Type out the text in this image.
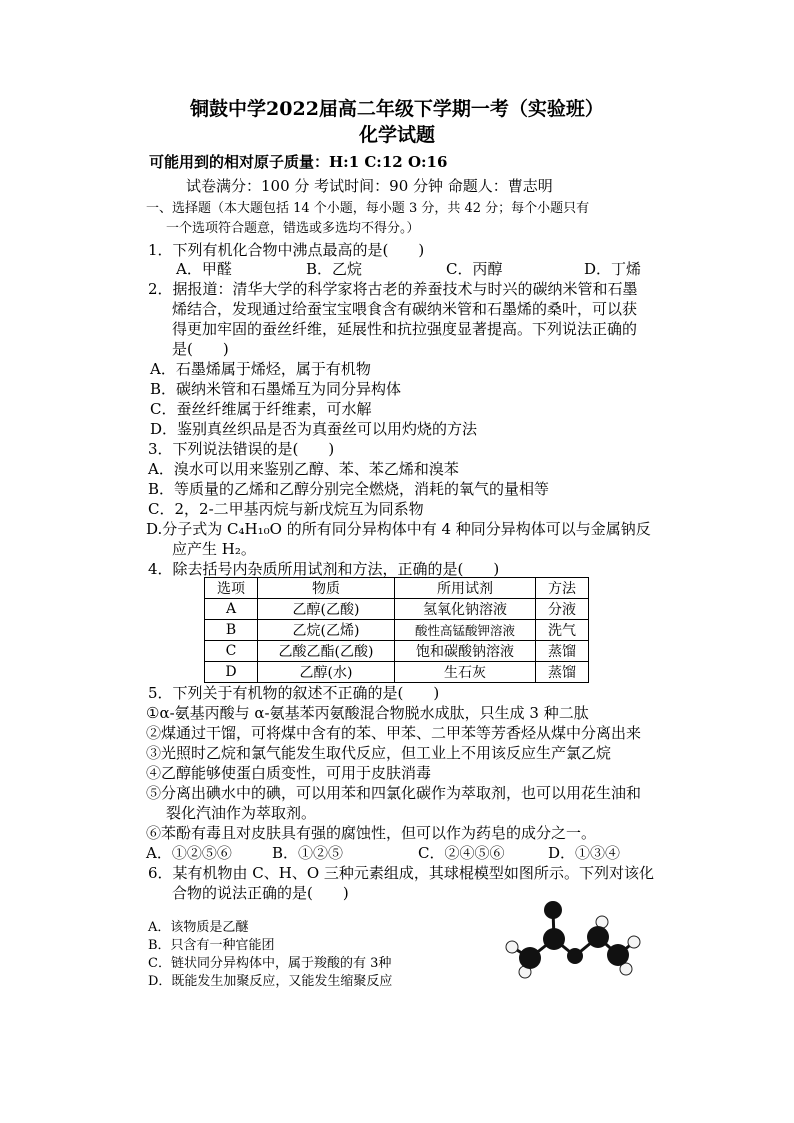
铜鼓中学2022届高二年级下学期一考（实验班）
化学试题
可能用到的相对原子质量：H:1 C:12 O:16
试卷满分：100 分 考试时间：90 分钟 命题人：曹志明
一、选择题（本大题包括 14 个小题，每小题 3 分，共 42 分；每个小题只有
一个选项符合题意，错选或多选均不得分。）
1．下列有机化合物中沸点最高的是(　　)
A．甲醛	B．乙烷	C．丙醇	D．丁烯
2．据报道：清华大学的科学家将古老的养蚕技术与时兴的碳纳米管和石墨
烯结合，发现通过给蚕宝宝喂食含有碳纳米管和石墨烯的桑叶，可以获
得更加牢固的蚕丝纤维，延展性和抗拉强度显著提高。下列说法正确的
是(　　)
A．石墨烯属于烯烃，属于有机物
B．碳纳米管和石墨烯互为同分异构体
C．蚕丝纤维属于纤维素，可水解
D．鉴别真丝织品是否为真蚕丝可以用灼烧的方法
3．下列说法错误的是(　　)
A．溴水可以用来鉴别乙醇、苯、苯乙烯和溴苯
B．等质量的乙烯和乙醇分别完全燃烧，消耗的氧气的量相等
C．2，2-二甲基丙烷与新戊烷互为同系物
D.分子式为 C₄H₁₀O 的所有同分异构体中有 4 种同分异构体可以与金属钠反
应产生 H₂。
4．除去括号内杂质所用试剂和方法，正确的是(　　)
选项	物质	所用试剂	方法
A	乙醇(乙酸)	氢氧化钠溶液	分液
B	乙烷(乙烯)	酸性高锰酸钾溶液	洗气
C	乙酸乙酯(乙酸)	饱和碳酸钠溶液	蒸馏
D	乙醇(水)	生石灰	蒸馏
5．下列关于有机物的叙述不正确的是(　　)
①α-氨基丙酸与 α-氨基苯丙氨酸混合物脱水成肽，只生成 3 种二肽
②煤通过干馏，可将煤中含有的苯、甲苯、二甲苯等芳香烃从煤中分离出来
③光照时乙烷和氯气能发生取代反应，但工业上不用该反应生产氯乙烷
④乙醇能够使蛋白质变性，可用于皮肤消毒
⑤分离出碘水中的碘，可以用苯和四氯化碳作为萃取剂，也可以用花生油和
裂化汽油作为萃取剂。
⑥苯酚有毒且对皮肤具有强的腐蚀性，但可以作为药皂的成分之一。
A．①②⑤⑥	B．①②⑤	C．②④⑤⑥	D．①③④
6．某有机物由 C、H、O 三种元素组成，其球棍模型如图所示。下列对该化
合物的说法正确的是(　　)
A．该物质是乙醚
B．只含有一种官能团
C．链状同分异构体中，属于羧酸的有 3种
D．既能发生加聚反应，又能发生缩聚反应
